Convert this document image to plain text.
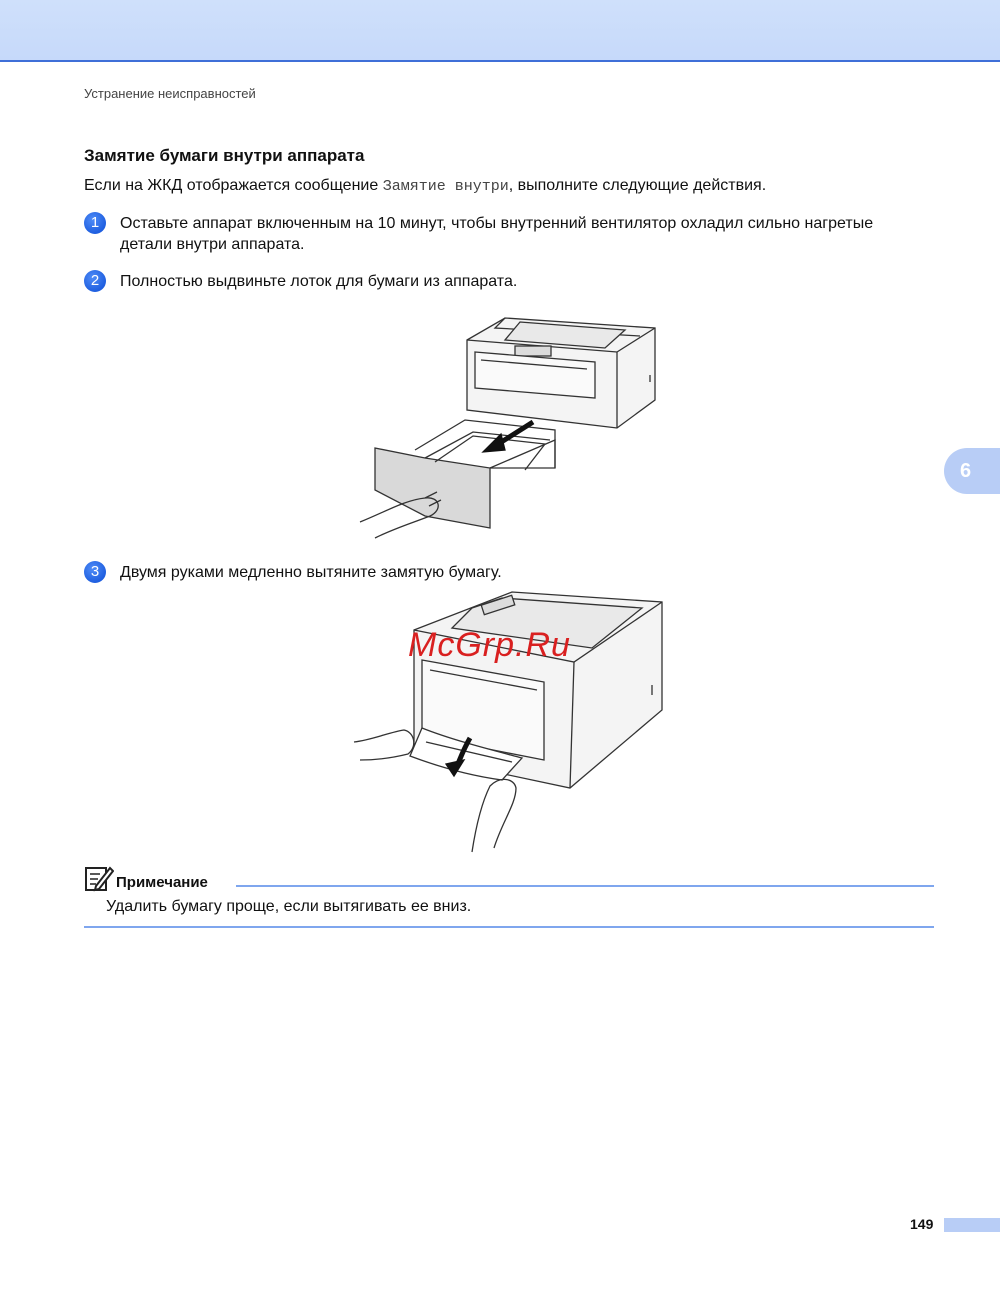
Устранение неисправностей
Замятие бумаги внутри аппарата
Если на ЖКД отображается сообщение Замятие внутри, выполните следующие действия.
1	Оставьте аппарат включенным на 10 минут, чтобы внутренний вентилятор охладил сильно нагретые детали внутри аппарата.
2	Полностью выдвиньте лоток для бумаги из аппарата.
6
3	Двумя руками медленно вытяните замятую бумагу.
McGrp.Ru
Примечание
Удалить бумагу проще, если вытягивать ее вниз.
149
